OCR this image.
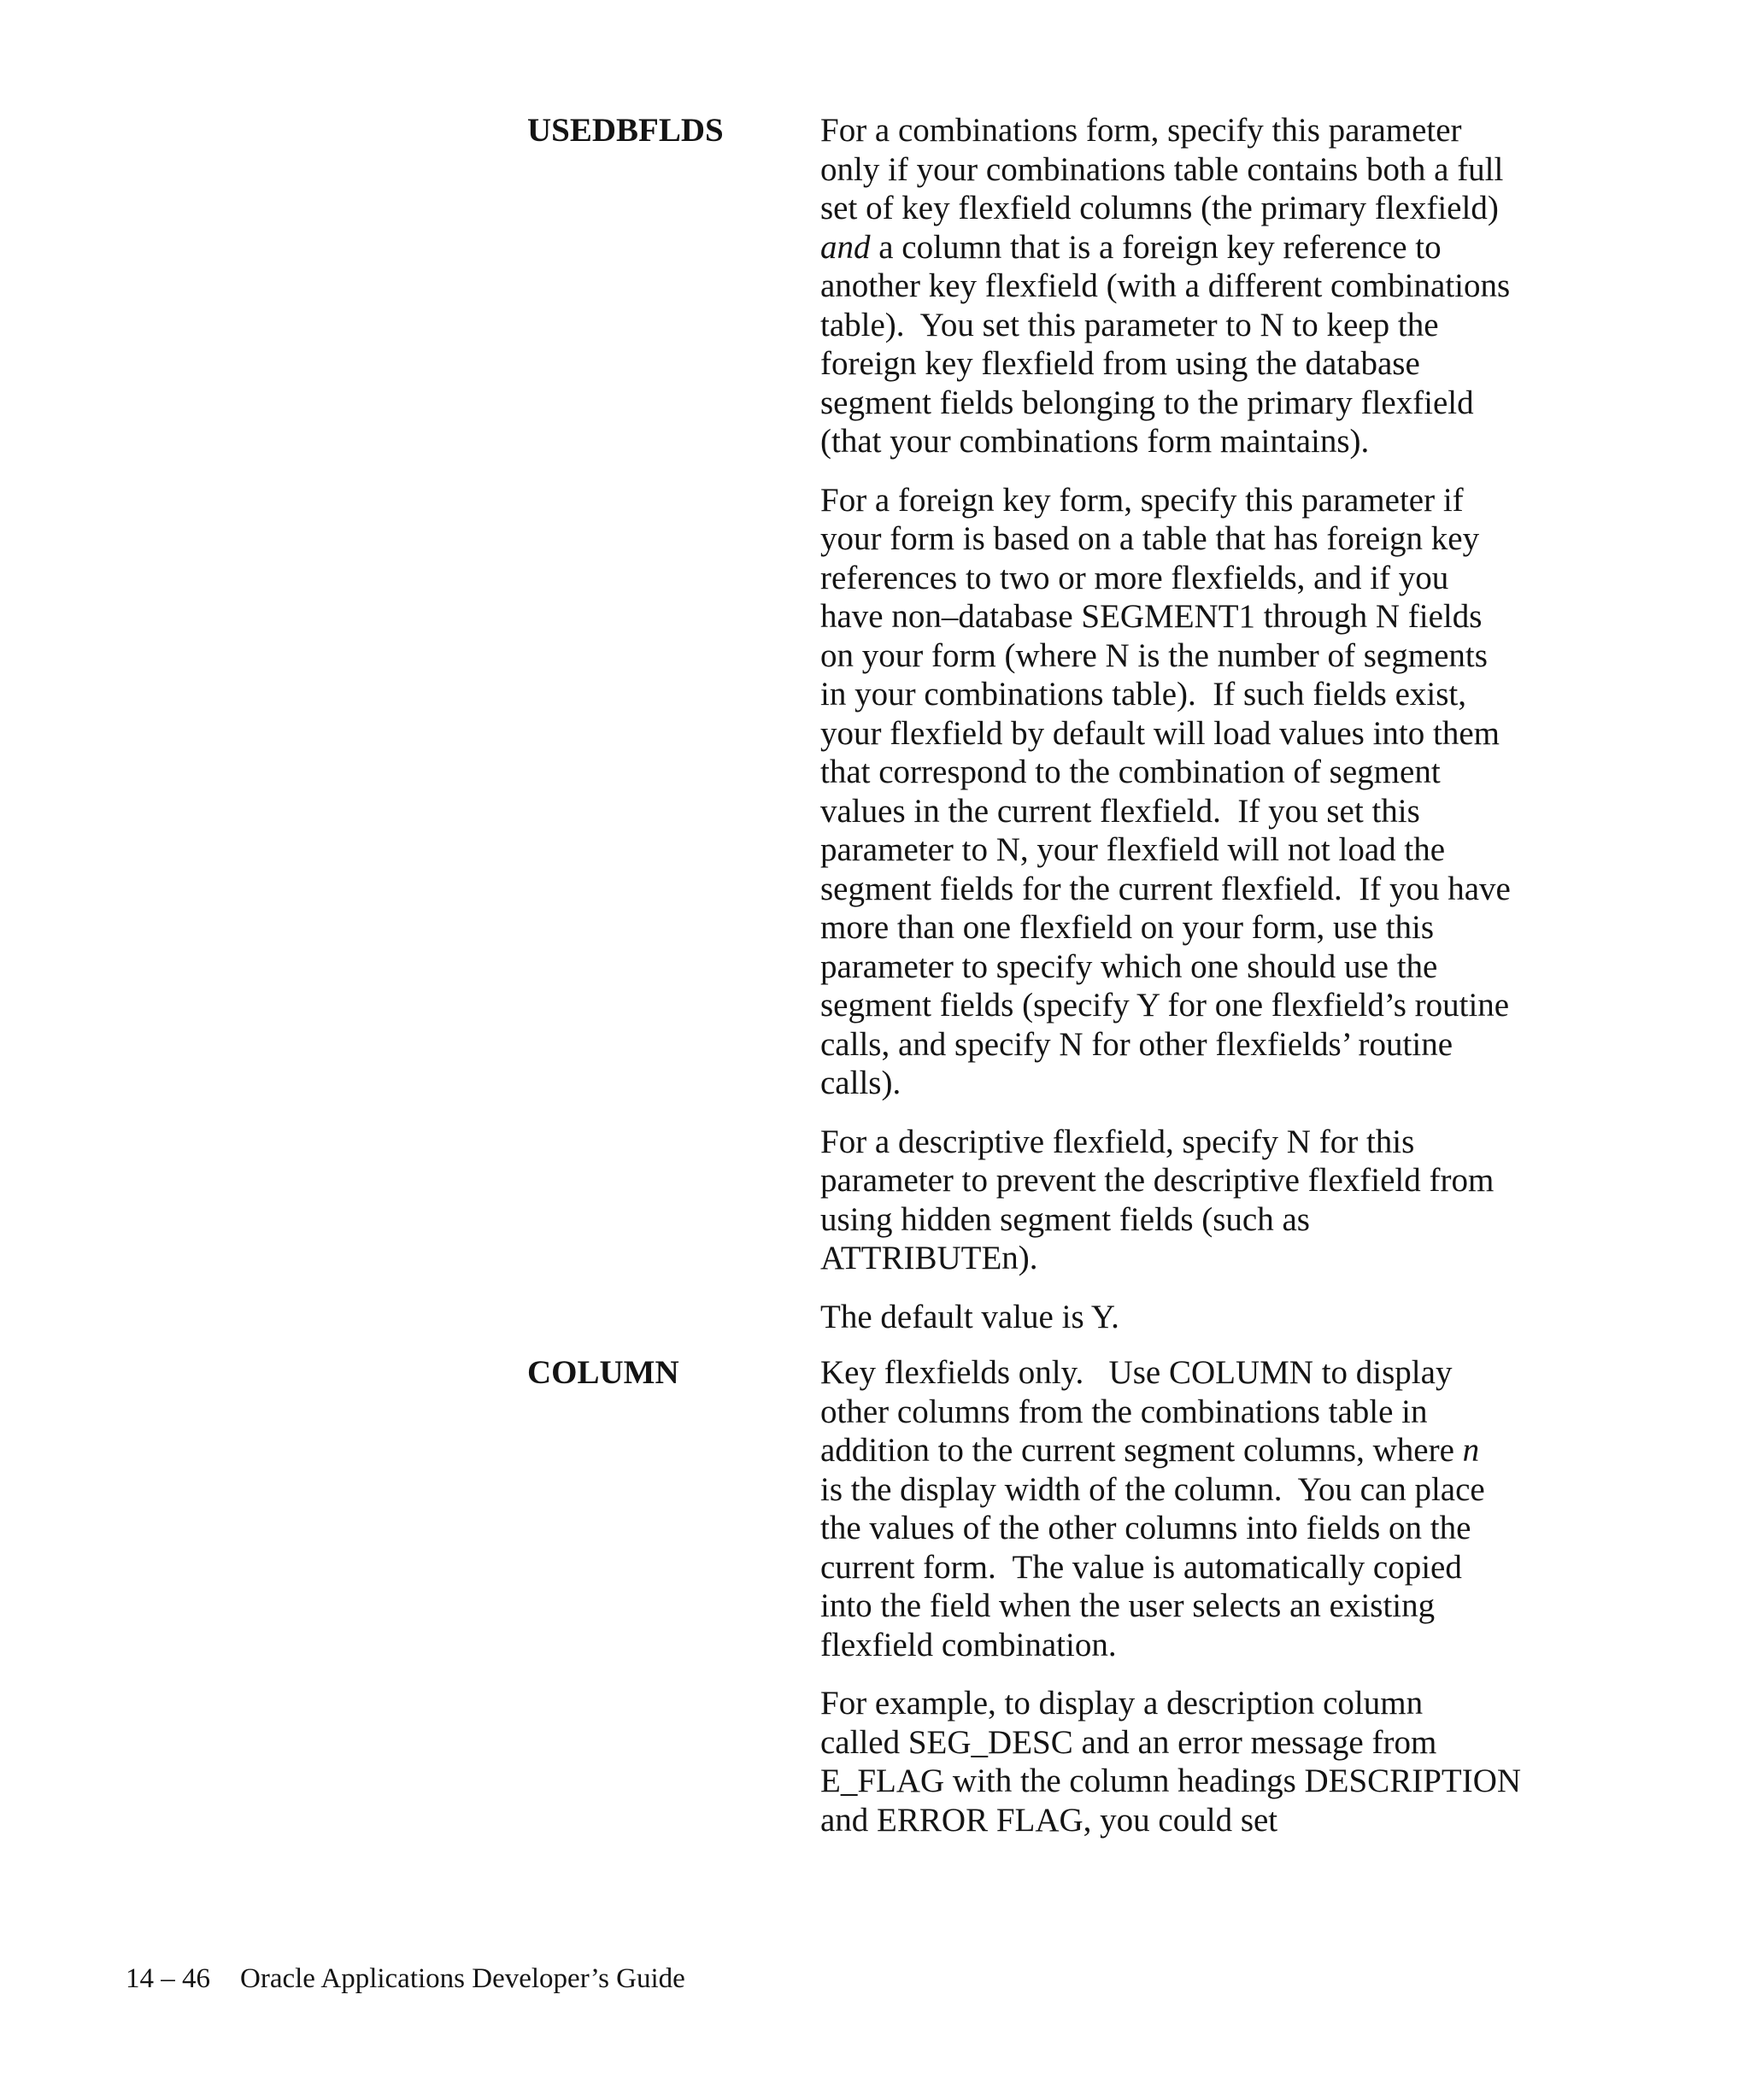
USEDBFLDS	For a combinations form, specify this parameter
only if your combinations table contains both a full
set of key flexfield columns (the primary flexfield)
and a column that is a foreign key reference to
another key flexfield (with a different combinations
table).  You set this parameter to N to keep the
foreign key flexfield from using the database
segment fields belonging to the primary flexfield
(that your combinations form maintains).

For a foreign key form, specify this parameter if
your form is based on a table that has foreign key
references to two or more flexfields, and if you
have non–database SEGMENT1 through N fields
on your form (where N is the number of segments
in your combinations table).  If such fields exist,
your flexfield by default will load values into them
that correspond to the combination of segment
values in the current flexfield.  If you set this
parameter to N, your flexfield will not load the
segment fields for the current flexfield.  If you have
more than one flexfield on your form, use this
parameter to specify which one should use the
segment fields (specify Y for one flexfield’s routine
calls, and specify N for other flexfields’ routine
calls).

For a descriptive flexfield, specify N for this
parameter to prevent the descriptive flexfield from
using hidden segment fields (such as
ATTRIBUTEn).

The default value is Y.

COLUMN	Key flexfields only.   Use COLUMN to display
other columns from the combinations table in
addition to the current segment columns, where n
is the display width of the column.  You can place
the values of the other columns into fields on the
current form.  The value is automatically copied
into the field when the user selects an existing
flexfield combination.

For example, to display a description column
called SEG_DESC and an error message from
E_FLAG with the column headings DESCRIPTION
and ERROR FLAG, you could set

14 – 46 Oracle Applications Developer’s Guide
